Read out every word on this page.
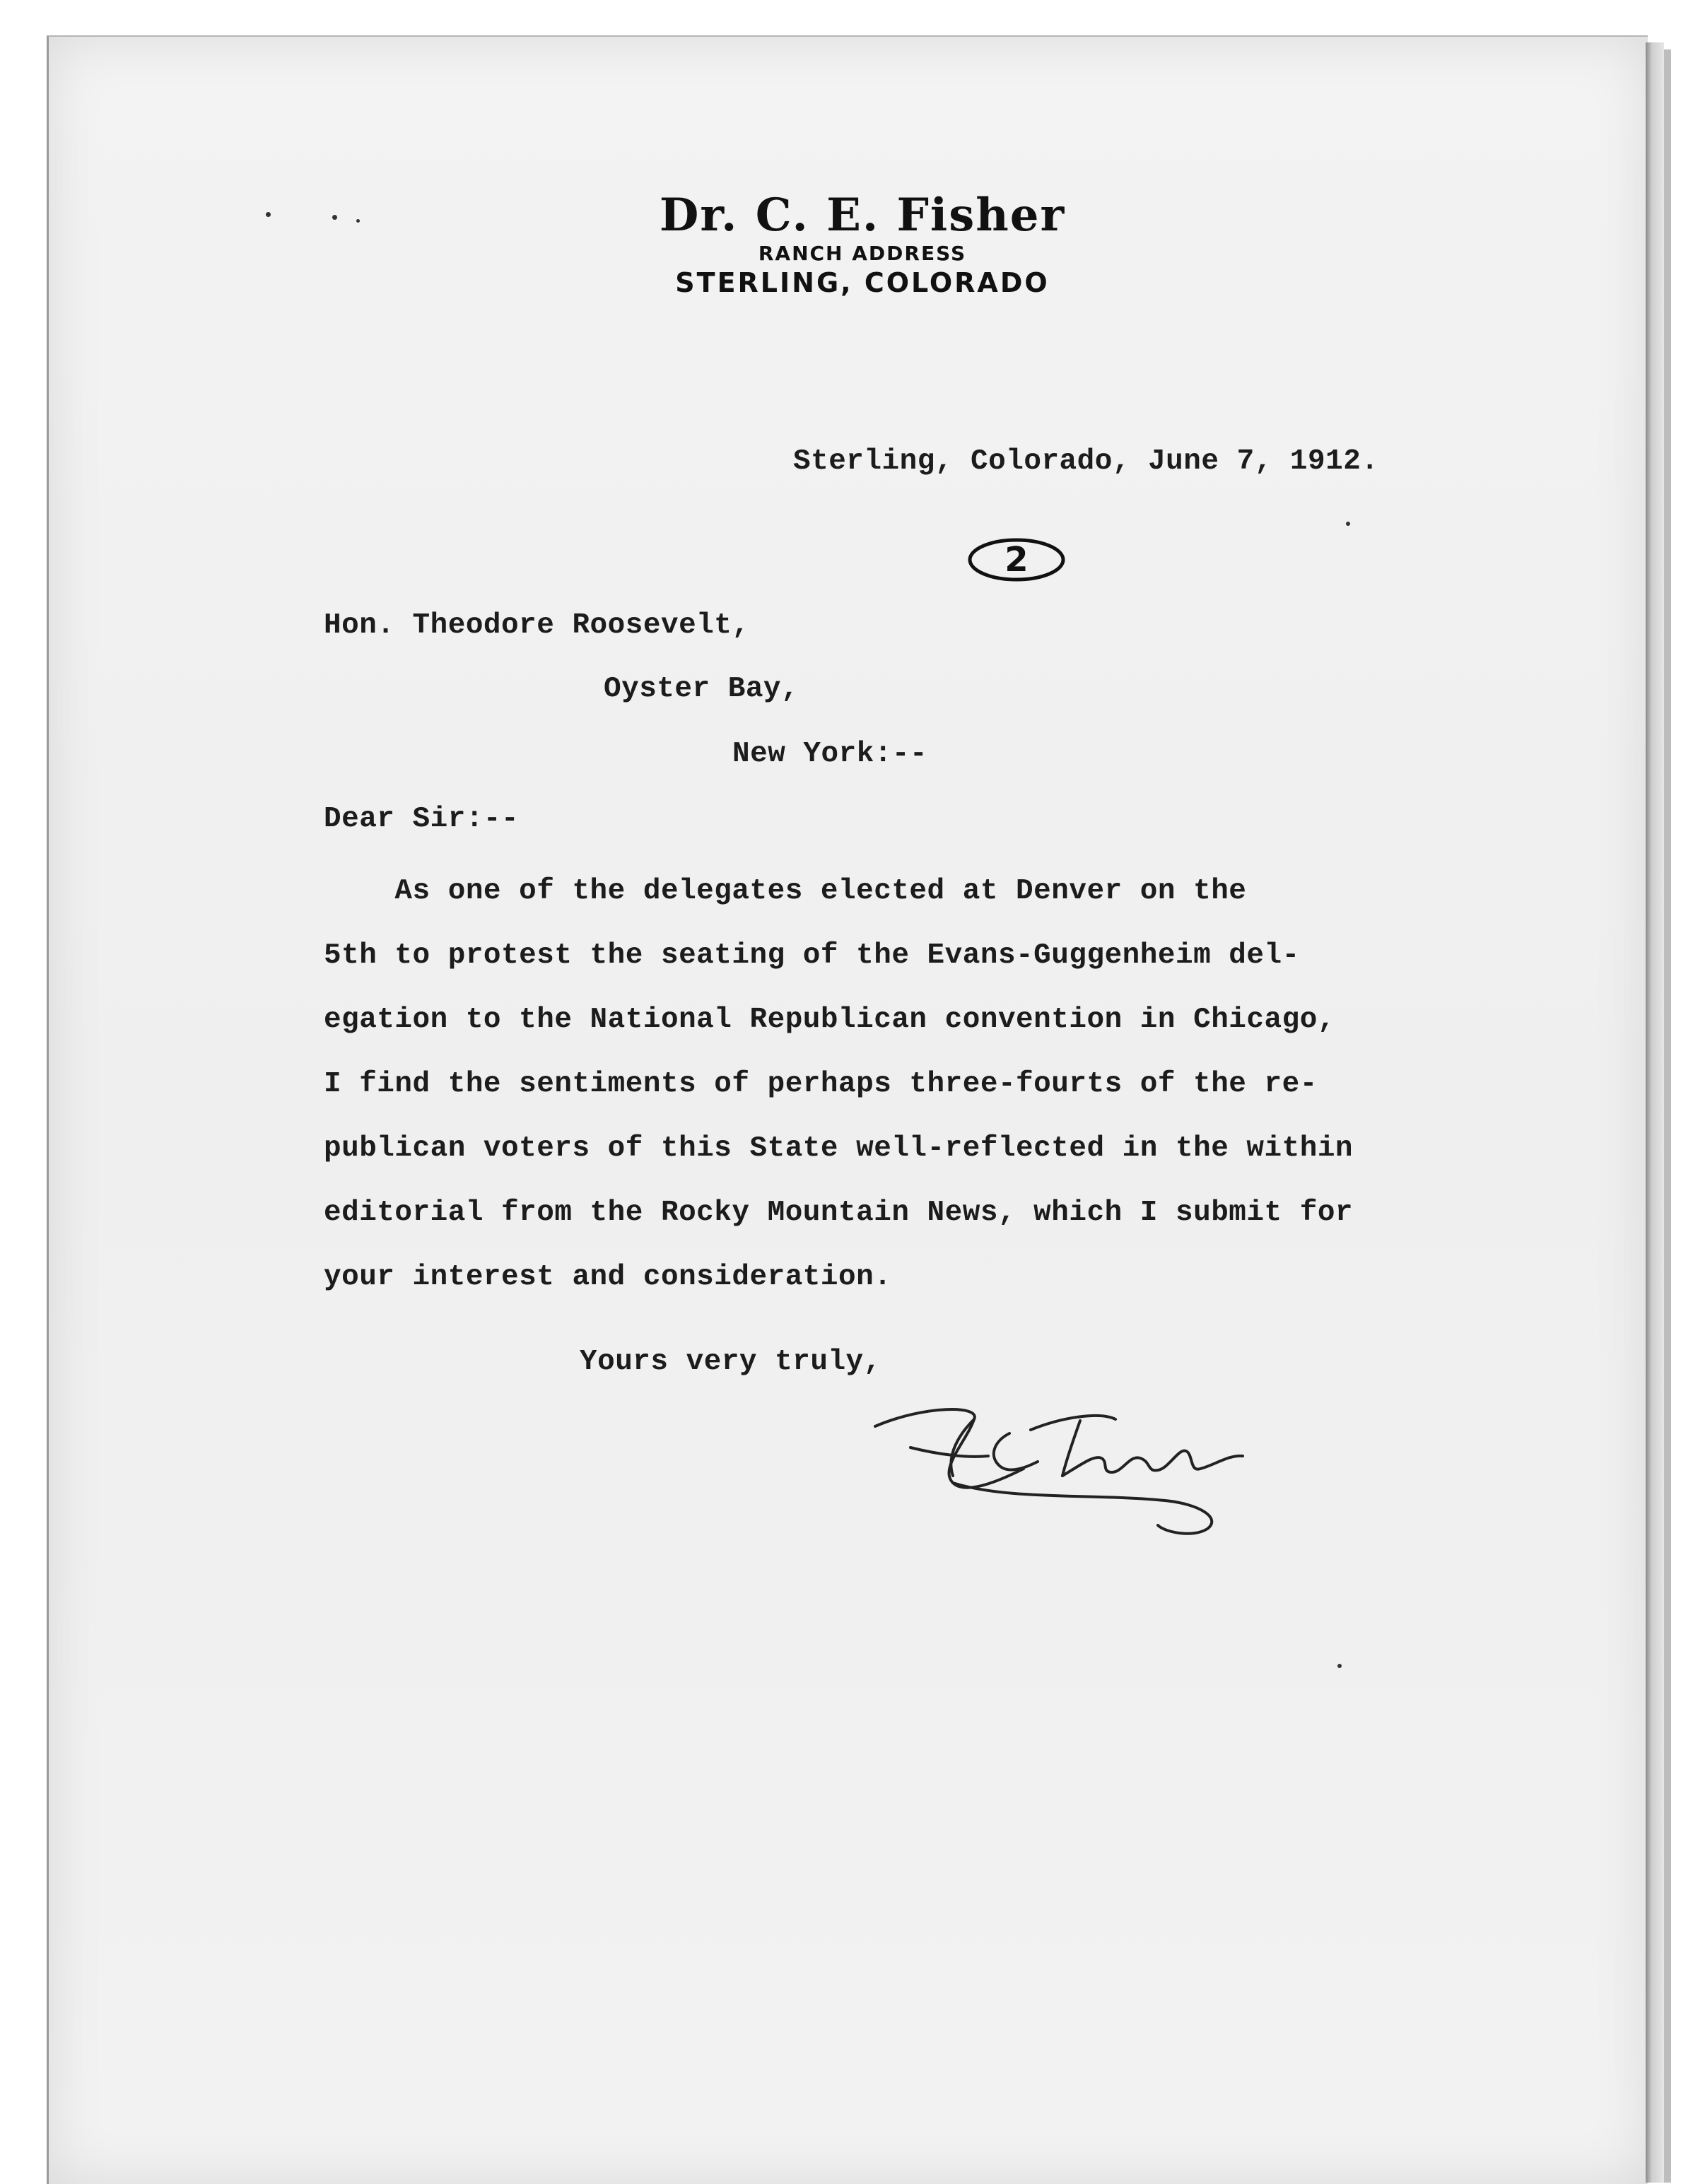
Dr. C. E. Fisher
RANCH ADDRESS
STERLING, COLORADO
Sterling, Colorado, June 7, 1912.
2
Hon. Theodore Roosevelt,
Oyster Bay,
New York:--
Dear Sir:--
As one of the delegates elected at Denver on the
5th to protest the seating of the Evans-Guggenheim del-
egation to the National Republican convention in Chicago,
I find the sentiments of perhaps three-fourts of the re-
publican voters of this State well-reflected in the within
editorial from the Rocky Mountain News, which I submit for
your interest and consideration.
Yours very truly,
C. E. Fisher
